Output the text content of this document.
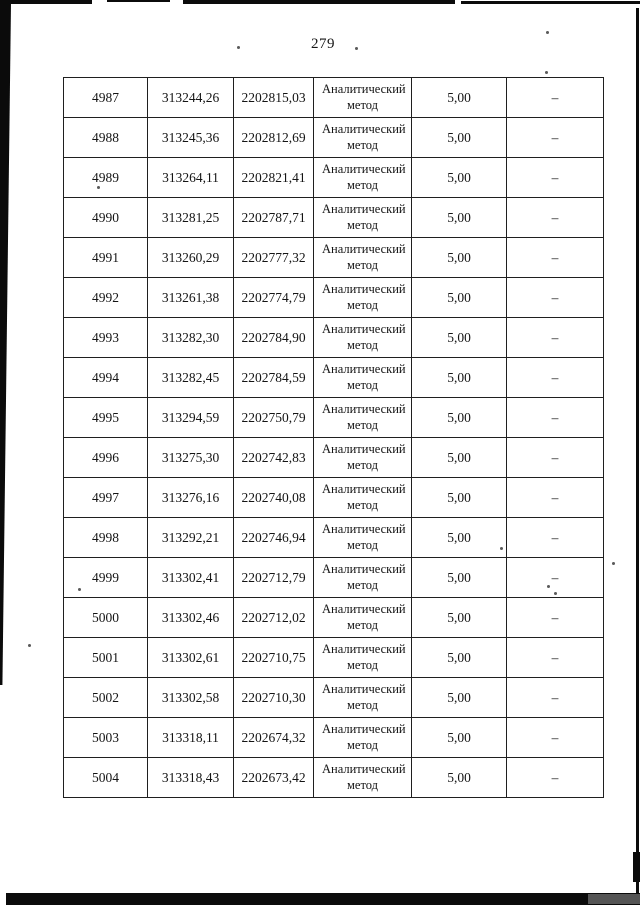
279
4987	313244,26	2202815,03	Аналитический метод	5,00	–
4988	313245,36	2202812,69	Аналитический метод	5,00	–
4989	313264,11	2202821,41	Аналитический метод	5,00	–
4990	313281,25	2202787,71	Аналитический метод	5,00	–
4991	313260,29	2202777,32	Аналитический метод	5,00	–
4992	313261,38	2202774,79	Аналитический метод	5,00	–
4993	313282,30	2202784,90	Аналитический метод	5,00	–
4994	313282,45	2202784,59	Аналитический метод	5,00	–
4995	313294,59	2202750,79	Аналитический метод	5,00	–
4996	313275,30	2202742,83	Аналитический метод	5,00	–
4997	313276,16	2202740,08	Аналитический метод	5,00	–
4998	313292,21	2202746,94	Аналитический метод	5,00	–
4999	313302,41	2202712,79	Аналитический метод	5,00	–
5000	313302,46	2202712,02	Аналитический метод	5,00	–
5001	313302,61	2202710,75	Аналитический метод	5,00	–
5002	313302,58	2202710,30	Аналитический метод	5,00	–
5003	313318,11	2202674,32	Аналитический метод	5,00	–
5004	313318,43	2202673,42	Аналитический метод	5,00	–
